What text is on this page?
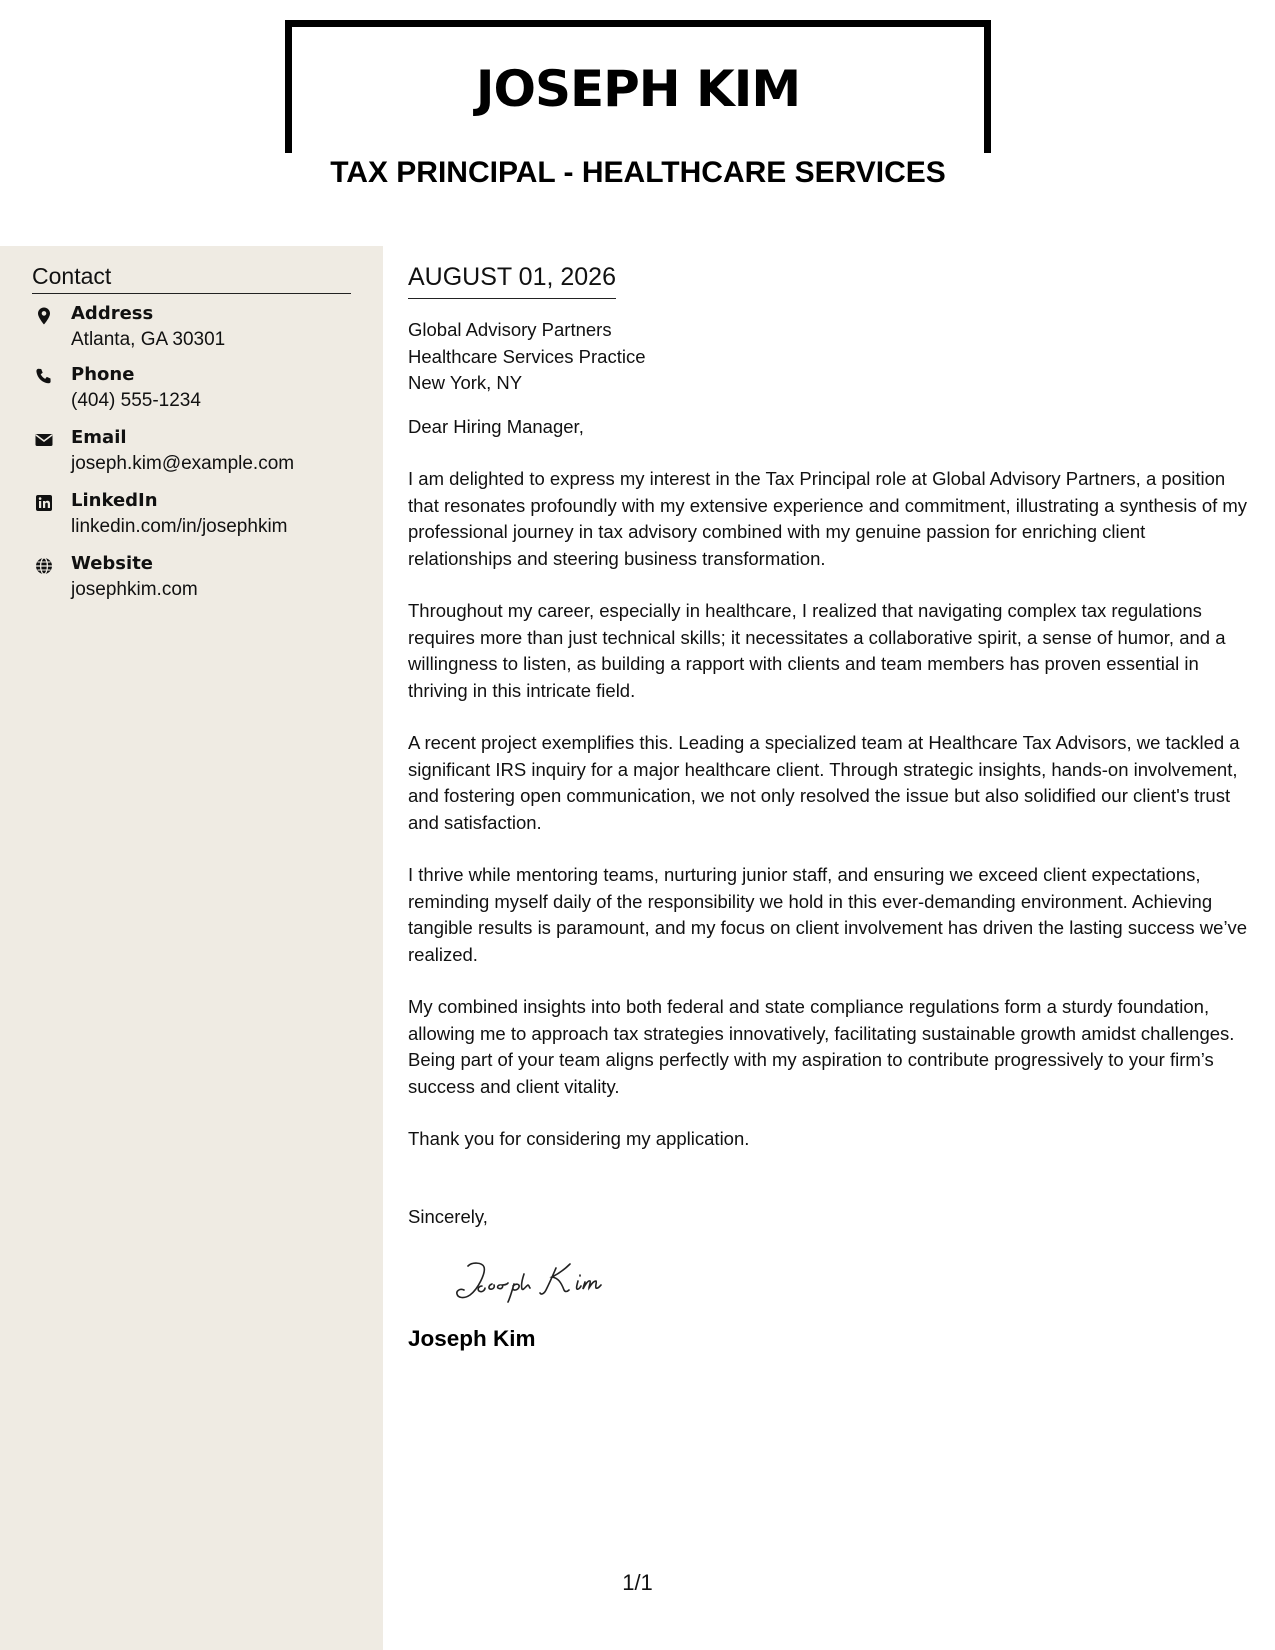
JOSEPH KIM
TAX PRINCIPAL - HEALTHCARE SERVICES
Contact
Address
Atlanta, GA 30301
Phone
(404) 555-1234
Email
joseph.kim@example.com
LinkedIn
linkedin.com/in/josephkim
Website
josephkim.com
AUGUST 01, 2026
Global Advisory Partners
Healthcare Services Practice
New York, NY
Dear Hiring Manager,
I am delighted to express my interest in the Tax Principal role at Global Advisory Partners, a position that resonates profoundly with my extensive experience and commitment, illustrating a synthesis of my professional journey in tax advisory combined with my genuine passion for enriching client relationships and steering business transformation.
Throughout my career, especially in healthcare, I realized that navigating complex tax regulations requires more than just technical skills; it necessitates a collaborative spirit, a sense of humor, and a willingness to listen, as building a rapport with clients and team members has proven essential in thriving in this intricate field.
A recent project exemplifies this. Leading a specialized team at Healthcare Tax Advisors, we tackled a significant IRS inquiry for a major healthcare client. Through strategic insights, hands-on involvement, and fostering open communication, we not only resolved the issue but also solidified our client's trust and satisfaction.
I thrive while mentoring teams, nurturing junior staff, and ensuring we exceed client expectations, reminding myself daily of the responsibility we hold in this ever-demanding environment. Achieving tangible results is paramount, and my focus on client involvement has driven the lasting success we’ve realized.
My combined insights into both federal and state compliance regulations form a sturdy foundation, allowing me to approach tax strategies innovatively, facilitating sustainable growth amidst challenges. Being part of your team aligns perfectly with my aspiration to contribute progressively to your firm’s success and client vitality.
Thank you for considering my application.
Sincerely,
Joseph Kim
1/1
